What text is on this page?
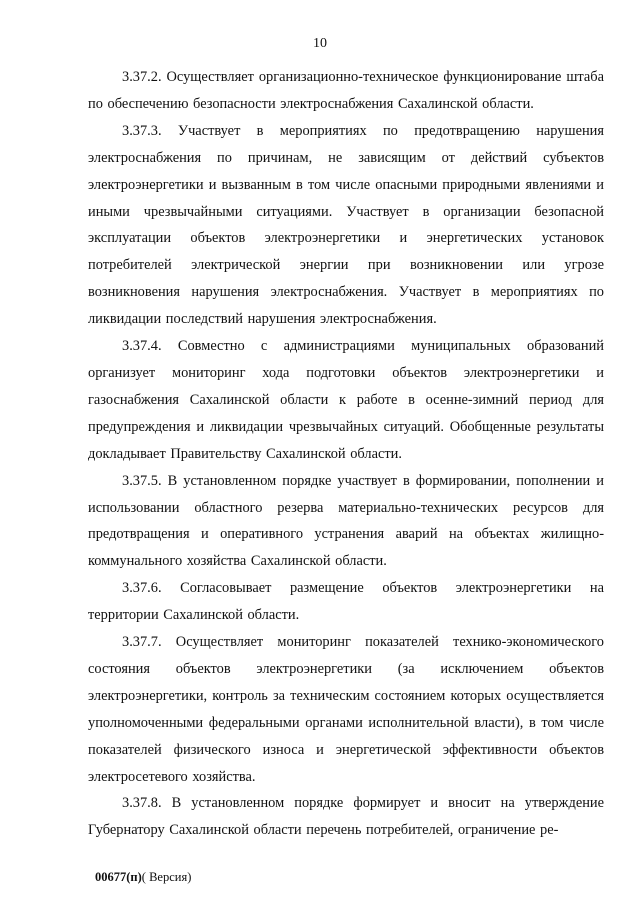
10

3.37.2. Осуществляет организационно-техническое функционирование штаба по обеспечению безопасности электроснабжения Сахалинской области.

3.37.3. Участвует в мероприятиях по предотвращению нарушения электроснабжения по причинам, не зависящим от действий субъектов электроэнергетики и вызванным в том числе опасными природными явлениями и иными чрезвычайными ситуациями. Участвует в организации безопасной эксплуатации объектов электроэнергетики и энергетических установок потребителей электрической энергии при возникновении или угрозе возникновения нарушения электроснабжения. Участвует в мероприятиях по ликвидации последствий нарушения электроснабжения.

3.37.4. Совместно с администрациями муниципальных образований организует мониторинг хода подготовки объектов электроэнергетики и газоснабжения Сахалинской области к работе в осенне-зимний период для предупреждения и ликвидации чрезвычайных ситуаций. Обобщенные результаты докладывает Правительству Сахалинской области.

3.37.5. В установленном порядке участвует в формировании, пополнении и использовании областного резерва материально-технических ресурсов для предотвращения и оперативного устранения аварий на объектах жилищно-коммунального хозяйства Сахалинской области.

3.37.6. Согласовывает размещение объектов электроэнергетики на территории Сахалинской области.

3.37.7. Осуществляет мониторинг показателей технико-экономического состояния объектов электроэнергетики (за исключением объектов электроэнергетики, контроль за техническим состоянием которых осуществляется уполномоченными федеральными органами исполнительной власти), в том числе показателей физического износа и энергетической эффективности объектов электросетевого хозяйства.

3.37.8. В установленном порядке формирует и вносит на утверждение Губернатору Сахалинской области перечень потребителей, ограничение ре-

00677(п)( Версия)
